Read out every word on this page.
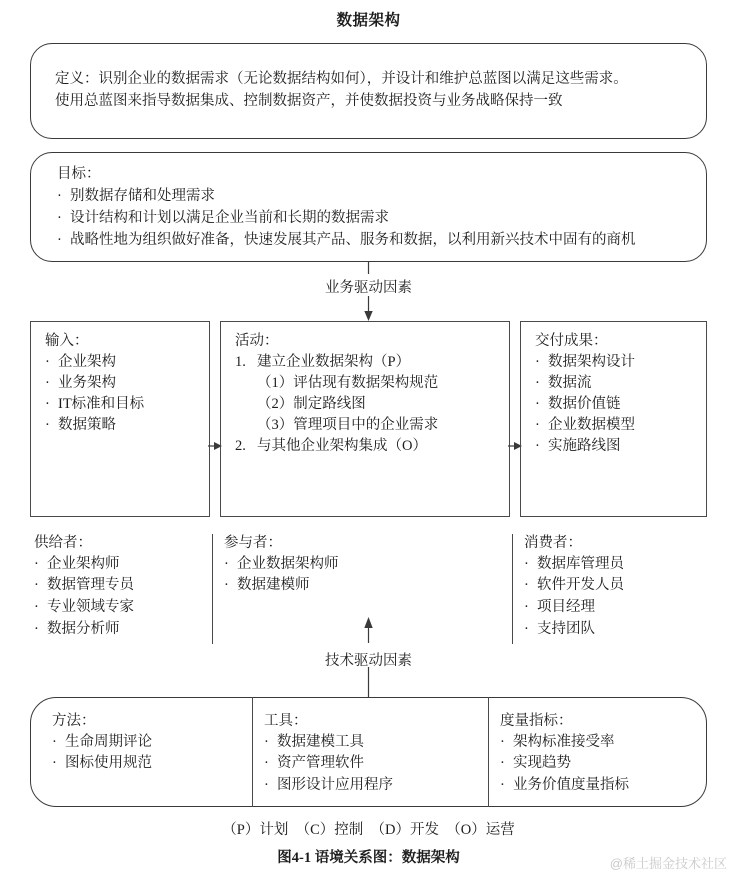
数据架构
定义：识别企业的数据需求（无论数据结构如何），并设计和维护总蓝图以满足这些需求。
使用总蓝图来指导数据集成、控制数据资产，并使数据投资与业务战略保持一致
目标：
· 别数据存储和处理需求
· 设计结构和计划以满足企业当前和长期的数据需求
· 战略性地为组织做好准备，快速发展其产品、服务和数据，以利用新兴技术中固有的商机
业务驱动因素
输入：
· 企业架构
· 业务架构
· IT标准和目标
· 数据策略
活动：
1. 建立企业数据架构（P）
（1） 评估现有数据架构规范
（2） 制定路线图
（3） 管理项目中的企业需求
2. 与其他企业架构集成（O）
交付成果：
· 数据架构设计
· 数据流
· 数据价值链
· 企业数据模型
· 实施路线图
供给者：
· 企业架构师
· 数据管理专员
· 专业领域专家
· 数据分析师
参与者：
· 企业数据架构师
· 数据建模师
消费者：
· 数据库管理员
· 软件开发人员
· 项目经理
· 支持团队
技术驱动因素
方法：
· 生命周期评论
· 图标使用规范
工具：
· 数据建模工具
· 资产管理软件
· 图形设计应用程序
度量指标：
· 架构标准接受率
· 实现趋势
· 业务价值度量指标
（P）计划　（C）控制　（D）开发　（O）运营
图4-1 语境关系图：数据架构	@稀土掘金技术社区
